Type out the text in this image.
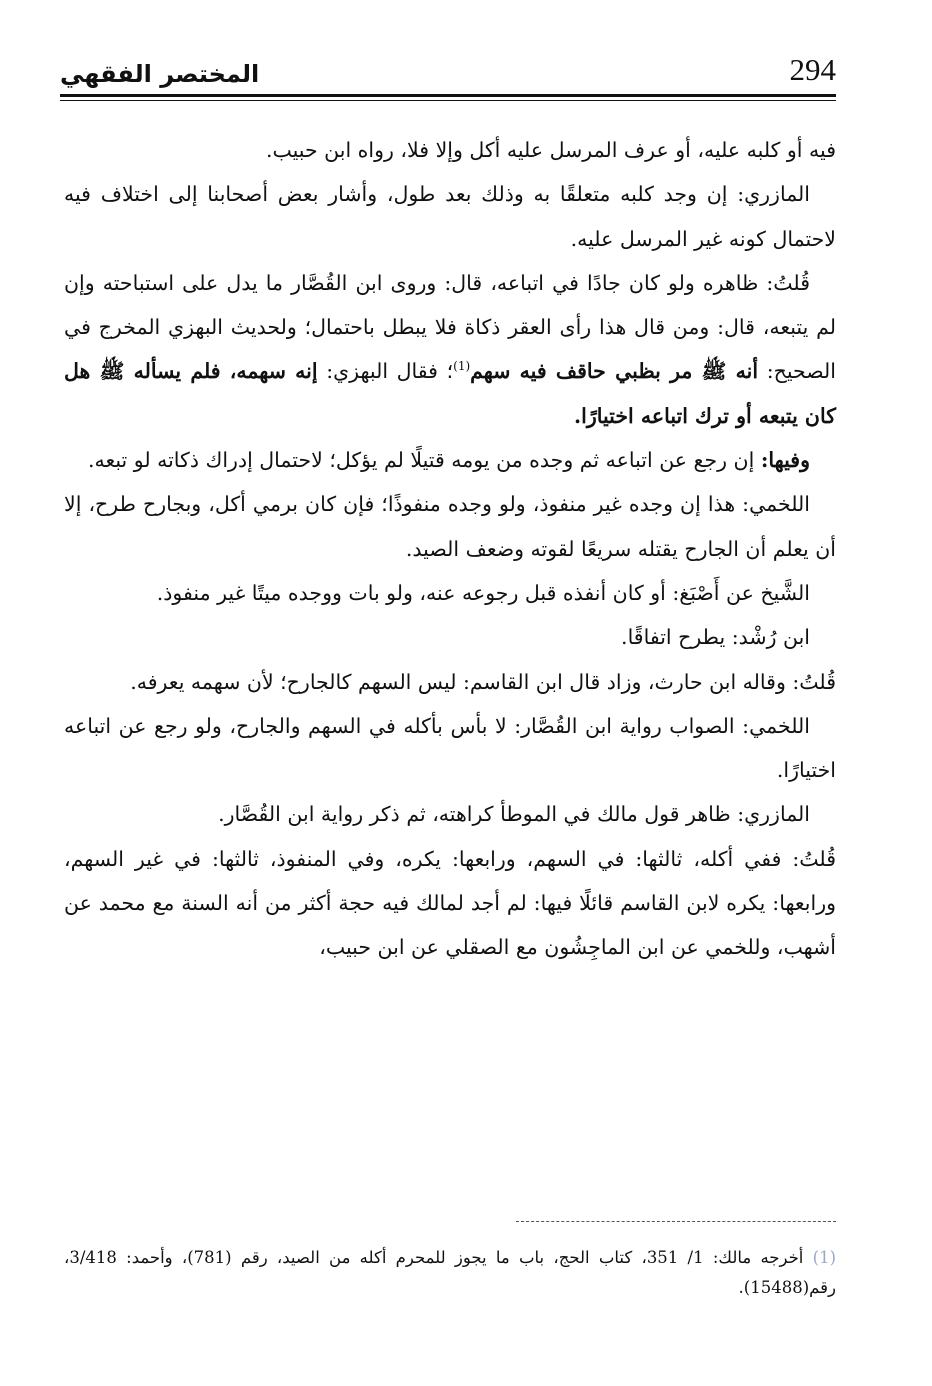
294
المختصر الفقهي

فيه أو كلبه عليه، أو عرف المرسل عليه أكل وإلا فلا، رواه ابن حبيب.

المازري: إن وجد كلبه متعلقًا به وذلك بعد طول، وأشار بعض أصحابنا إلى اختلاف فيه لاحتمال كونه غير المرسل عليه.

قُلتُ: ظاهره ولو كان جادًا في اتباعه، قال: وروى ابن القُصَّار ما يدل على استباحته وإن لم يتبعه، قال: ومن قال هذا رأى العقر ذكاة فلا يبطل باحتمال؛ ولحديث البهزي المخرج في الصحيح: أنه ﷺ مر بظبي حاقف فيه سهم$^{(1)}$؛ فقال البهزي: إنه سهمه، فلم يسأله ﷺ هل كان يتبعه أو ترك اتباعه اختيارًا.

وفيها: إن رجع عن اتباعه ثم وجده من يومه قتيلًا لم يؤكل؛ لاحتمال إدراك ذكاته لو تبعه.

اللخمي: هذا إن وجده غير منفوذ، ولو وجده منفوذًا؛ فإن كان برمي أكل، وبجارح طرح، إلا أن يعلم أن الجارح يقتله سريعًا لقوته وضعف الصيد.

الشَّيخ عن أَصْبَغ: أو كان أنفذه قبل رجوعه عنه، ولو بات ووجده ميتًا غير منفوذ.

ابن رُشْد: يطرح اتفاقًا.

قُلتُ: وقاله ابن حارث، وزاد قال ابن القاسم: ليس السهم كالجارح؛ لأن سهمه يعرفه.

اللخمي: الصواب رواية ابن القُصَّار: لا بأس بأكله في السهم والجارح، ولو رجع عن اتباعه اختيارًا.

المازري: ظاهر قول مالك في الموطأ كراهته، ثم ذكر رواية ابن القُصَّار.

قُلتُ: ففي أكله، ثالثها: في السهم، ورابعها: يكره، وفي المنفوذ، ثالثها: في غير السهم، ورابعها: يكره لابن القاسم قائلًا فيها: لم أجد لمالك فيه حجة أكثر من أنه السنة مع محمد عن أشهب، وللخمي عن ابن الماجِشُون مع الصقلي عن ابن حبيب،

(1) أخرجه مالك: 1/ 351، كتاب الحج، باب ما يجوز للمحرم أكله من الصيد، رقم (781)، وأحمد: 3/418، رقم(15488).
